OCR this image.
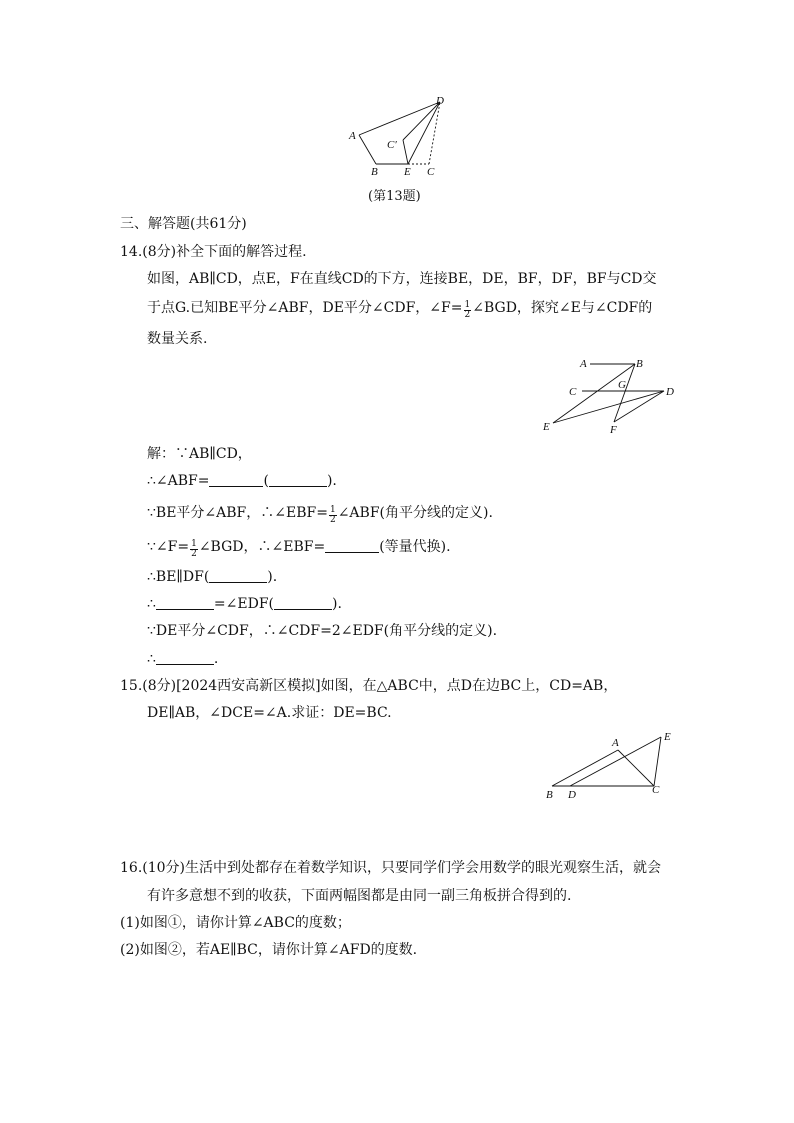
D
A
C′
B E C
(第13题)
三、解答题(共61分)
14.(8分)补全下面的解答过程.
如图，AB∥CD，点E，F在直线CD的下方，连接BE，DE，BF，DF，BF与CD交
于点G.已知BE平分∠ABF，DE平分∠CDF，∠F= $\frac{1}{2}$ ∠BGD，探究∠E与∠CDF的
数量关系.
A	B
C
G
D
E	F
解：∵AB∥CD，
∴∠ABF=	(	).
∵BE平分∠ABF，∴∠EBF= $\frac{1}{2}$ ∠ABF(角平分线的定义).
∵∠F= $\frac{1}{2}$ ∠BGD，∴∠EBF=	(等量代换).
∴BE∥DF(	).
∴	=∠EDF(	).
∵DE平分∠CDF，∴∠CDF=2∠EDF(角平分线的定义).
∴	.
15.(8分)[2024西安高新区模拟]如图，在△ABC中，点D在边BC上，CD=AB，
DE∥AB，∠DCE=∠A.求证：DE=BC.
A	E
B D	C
16.(10分)生活中到处都存在着数学知识，只要同学们学会用数学的眼光观察生活，就会
有许多意想不到的收获，下面两幅图都是由同一副三角板拼合得到的.
(1)如图①，请你计算∠ABC的度数；
(2)如图②，若AE∥BC，请你计算∠AFD的度数.
